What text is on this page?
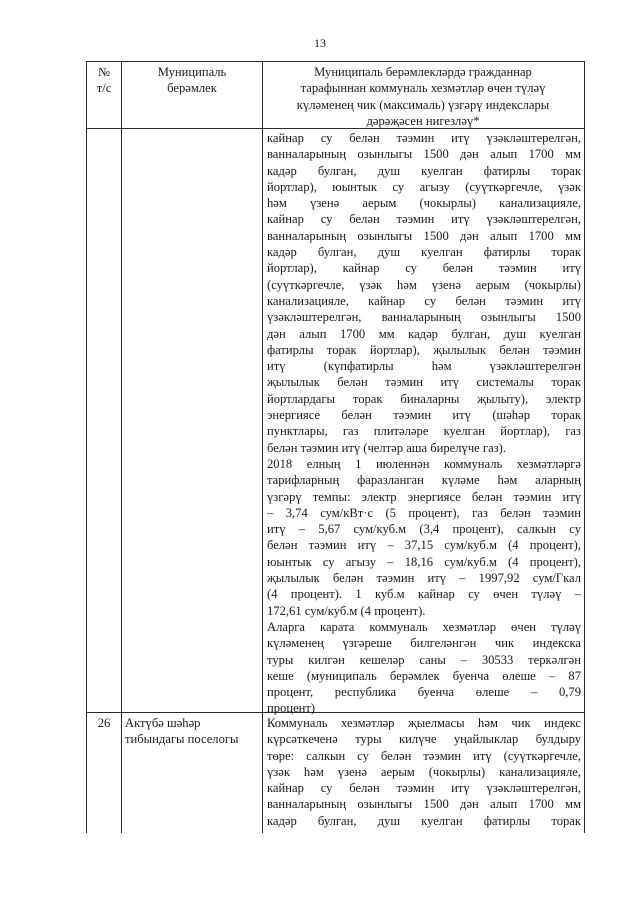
13
№
т/с
Муниципаль
берәмлек
Муниципаль берәмлекләрдә гражданнар
тарафыннан коммуналь хезмәтләр өчен түләү
күләменең чик (максималь) үзгәрү индекслары
дәрәҗәсен нигезләү*
кайнар су белән тәэмин итү үзәкләштерелгән,
ванналарының озынлыгы 1500 дән алып 1700 мм
кадәр булган, душ куелган фатирлы торак
йортлар), юынтык су агызу (суүткәргечле, үзәк
һәм үзенә аерым (чокырлы) канализацияле,
кайнар су белән тәэмин итү үзәкләштерелгән,
ванналарының озынлыгы 1500 дән алып 1700 мм
кадәр булган, душ куелган фатирлы торак
йортлар), кайнар су белән тәэмин итү
(суүткәргечле, үзәк һәм үзенә аерым (чокырлы)
канализацияле, кайнар су белән тәэмин итү
үзәкләштерелгән, ванналарының озынлыгы 1500
дән алып 1700 мм кадәр булган, душ куелган
фатирлы торак йортлар), җылылык белән тәэмин
итү (күпфатирлы һәм үзәкләштерелгән
җылылык белән тәэмин итү системалы торак
йортлардагы торак биналарны җылыту), электр
энергиясе белән тәэмин итү (шәһәр торак
пунктлары, газ плитәләре куелган йортлар), газ
белән тәэмин итү (челтәр аша бирелүче газ).
2018 елның 1 июленнән коммуналь хезмәтләргә
тарифларның фаразланган күләме һәм аларның
үзгәрү темпы: электр энергиясе белән тәэмин итү
– 3,74 сум/кВт·с (5 процент), газ белән тәэмин
итү – 5,67 сум/куб.м (3,4 процент), салкын су
белән тәэмин итү – 37,15 сум/куб.м (4 процент),
юынтык су агызу – 18,16 сум/куб.м (4 процент),
җылылык белән тәэмин итү – 1997,92 сум/Гкал
(4 процент). 1 куб.м кайнар су өчен түләү –
172,61 сум/куб.м (4 процент).
Аларга карата коммуналь хезмәтләр өчен түләү
күләменең үзгәреше билгеләнгән чик индекска
туры килгән кешеләр саны – 30533 теркәлгән
кеше (муниципаль берәмлек буенча өлеше – 87
процент, республика буенча өлеше – 0,79
процент)
26	Актүбә шәһәр
тибындагы поселогы
Коммуналь хезмәтләр җыелмасы һәм чик индекс
күрсәткеченә туры килүче уңайлыклар булдыру
төре: салкын су белән тәэмин итү (суүткәргечле,
үзәк һәм үзенә аерым (чокырлы) канализацияле,
кайнар су белән тәэмин итү үзәкләштерелгән,
ванналарының озынлыгы 1500 дән алып 1700 мм
кадәр булган, душ куелган фатирлы торак
